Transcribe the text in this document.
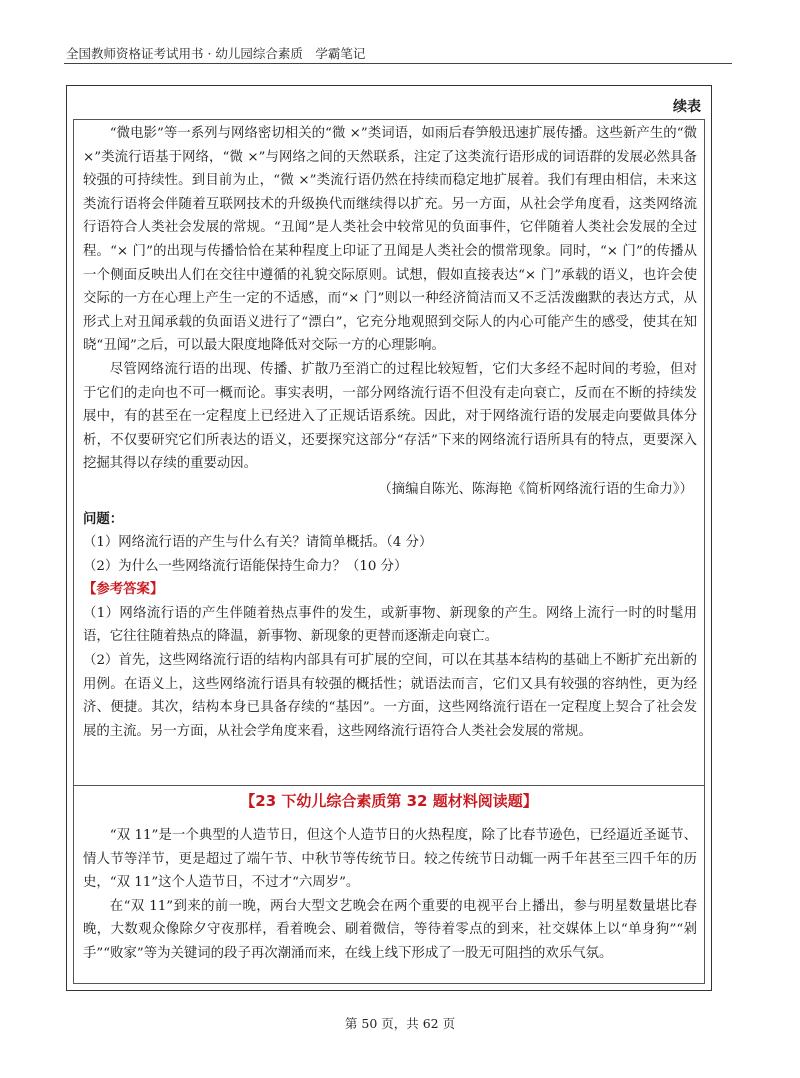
全国教师资格证考试用书 · 幼儿园综合素质　学霸笔记
续表

“微电影”等一系列与网络密切相关的“微 ×”类词语，如雨后春笋般迅速扩展传播。这些新产生的“微 ×”类流行语基于网络，“微 ×”与网络之间的天然联系，注定了这类流行语形成的词语群的发展必然具备较强的可持续性。到目前为止，“微 ×”类流行语仍然在持续而稳定地扩展着。我们有理由相信，未来这类流行语将会伴随着互联网技术的升级换代而继续得以扩充。另一方面，从社会学角度看，这类网络流行语符合人类社会发展的常规。“丑闻”是人类社会中较常见的负面事件，它伴随着人类社会发展的全过程。“× 门”的出现与传播恰恰在某种程度上印证了丑闻是人类社会的惯常现象。同时，“× 门”的传播从一个侧面反映出人们在交往中遵循的礼貌交际原则。试想，假如直接表达“× 门”承载的语义，也许会使交际的一方在心理上产生一定的不适感，而“× 门”则以一种经济简洁而又不乏活泼幽默的表达方式，从形式上对丑闻承载的负面语义进行了“漂白”，它充分地观照到交际人的内心可能产生的感受，使其在知晓“丑闻”之后，可以最大限度地降低对交际一方的心理影响。

尽管网络流行语的出现、传播、扩散乃至消亡的过程比较短暂，它们大多经不起时间的考验，但对于它们的走向也不可一概而论。事实表明，一部分网络流行语不但没有走向衰亡，反而在不断的持续发展中，有的甚至在一定程度上已经进入了正规话语系统。因此，对于网络流行语的发展走向要做具体分析，不仅要研究它们所表达的语义，还要探究这部分“存活”下来的网络流行语所具有的特点，更要深入挖掘其得以存续的重要动因。

（摘编自陈光、陈海艳《简析网络流行语的生命力》）

问题：

（1）网络流行语的产生与什么有关？请简单概括。（4 分）

（2）为什么一些网络流行语能保持生命力？（10 分）

【参考答案】

（1）网络流行语的产生伴随着热点事件的发生，或新事物、新现象的产生。网络上流行一时的时髦用语，它往往随着热点的降温，新事物、新现象的更替而逐渐走向衰亡。

（2）首先，这些网络流行语的结构内部具有可扩展的空间，可以在其基本结构的基础上不断扩充出新的用例。在语义上，这些网络流行语具有较强的概括性；就语法而言，它们又具有较强的容纳性，更为经济、便捷。其次，结构本身已具备存续的“基因”。一方面，这些网络流行语在一定程度上契合了社会发展的主流。另一方面，从社会学角度来看，这些网络流行语符合人类社会发展的常规。

【23 下幼儿综合素质第 32 题材料阅读题】

“双 11”是一个典型的人造节日，但这个人造节日的火热程度，除了比春节逊色，已经逼近圣诞节、情人节等洋节，更是超过了端午节、中秋节等传统节日。较之传统节日动辄一两千年甚至三四千年的历史，“双 11”这个人造节日，不过才“六周岁”。

在“双 11”到来的前一晚，两台大型文艺晚会在两个重要的电视平台上播出，参与明星数量堪比春晚，大数观众像除夕守夜那样，看着晚会、刷着微信，等待着零点的到来，社交媒体上以“单身狗”“剁手”“败家”等为关键词的段子再次潮涌而来，在线上线下形成了一股无可阻挡的欢乐气氛。

第 50 页，共 62 页
